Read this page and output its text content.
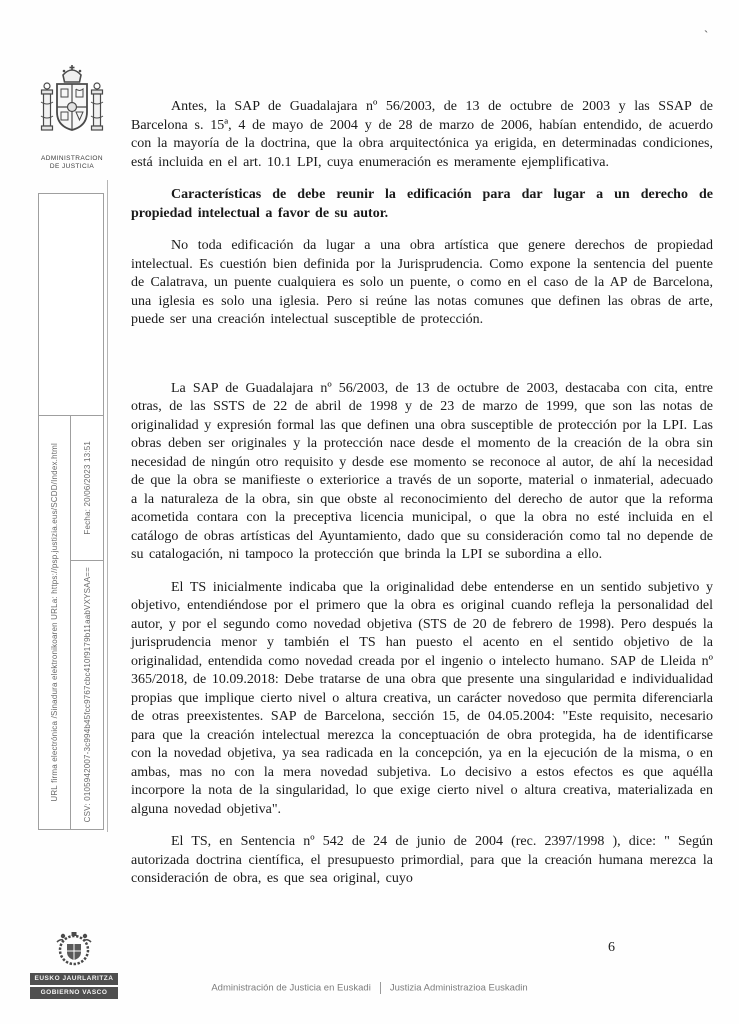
`
ADMINISTRACION
DE JUSTICIA
URL firma electrónica /Sinadura elektronikoaren URLa: https://psp.justizia.eus/SCDD/Index.html	Fecha: 20/06/2023 13:51
CSV: 0105942007-3c994b45fcc9767cbc410f9179b11aabVXYSAA==

Antes, la SAP de Guadalajara nº 56/2003, de 13 de octubre de 2003 y las SSAP de Barcelona s. 15ª, 4 de mayo de 2004 y de 28 de marzo de 2006, habían entendido, de acuerdo con la mayoría de la doctrina, que la obra arquitectónica ya erigida, en determinadas condiciones, está incluida en el art. 10.1 LPI, cuya enumeración es meramente ejemplificativa.

Características de debe reunir la edificación para dar lugar a un derecho de propiedad intelectual a favor de su autor.

No toda edificación da lugar a una obra artística que genere derechos de propiedad intelectual. Es cuestión bien definida por la Jurisprudencia. Como expone la sentencia del puente de Calatrava, un puente cualquiera es solo un puente, o como en el caso de la AP de Barcelona, una iglesia es solo una iglesia. Pero si reúne las notas comunes que definen las obras de arte, puede ser una creación intelectual susceptible de protección.

La SAP de Guadalajara nº 56/2003, de 13 de octubre de 2003, destacaba con cita, entre otras, de las SSTS de 22 de abril de 1998 y de 23 de marzo de 1999, que son las notas de originalidad y expresión formal las que definen una obra susceptible de protección por la LPI. Las obras deben ser originales y la protección nace desde el momento de la creación de la obra sin necesidad de ningún otro requisito y desde ese momento se reconoce al autor, de ahí la necesidad de que la obra se manifieste o exteriorice a través de un soporte, material o inmaterial, adecuado a la naturaleza de la obra, sin que obste al reconocimiento del derecho de autor que la reforma acometida contara con la preceptiva licencia municipal, o que la obra no esté incluida en el catálogo de obras artísticas del Ayuntamiento, dado que su consideración como tal no depende de su catalogación, ni tampoco la protección que brinda la LPI se subordina a ello.

El TS inicialmente indicaba que la originalidad debe entenderse en un sentido subjetivo y objetivo, entendiéndose por el primero que la obra es original cuando refleja la personalidad del autor, y por el segundo como novedad objetiva (STS de 20 de febrero de 1998). Pero después la jurisprudencia menor y también el TS han puesto el acento en el sentido objetivo de la originalidad, entendida como novedad creada por el ingenio o intelecto humano. SAP de Lleida nº 365/2018, de 10.09.2018: Debe tratarse de una obra que presente una singularidad e individualidad propias que implique cierto nivel o altura creativa, un carácter novedoso que permita diferenciarla de otras preexistentes. SAP de Barcelona, sección 15, de 04.05.2004: "Este requisito, necesario para que la creación intelectual merezca la conceptuación de obra protegida, ha de identificarse con la novedad objetiva, ya sea radicada en la concepción, ya en la ejecución de la misma, o en ambas, mas no con la mera novedad subjetiva. Lo decisivo a estos efectos es que aquélla incorpore la nota de la singularidad, lo que exige cierto nivel o altura creativa, materializada en alguna novedad objetiva".

El TS, en Sentencia nº 542 de 24 de junio de 2004 (rec. 2397/1998 ), dice: " Según autorizada doctrina científica, el presupuesto primordial, para que la creación humana merezca la consideración de obra, es que sea original, cuyo

6
EUSKO JAURLARITZA
GOBIERNO VASCO	Administración de Justicia en Euskadi Justizia Administrazioa Euskadin
